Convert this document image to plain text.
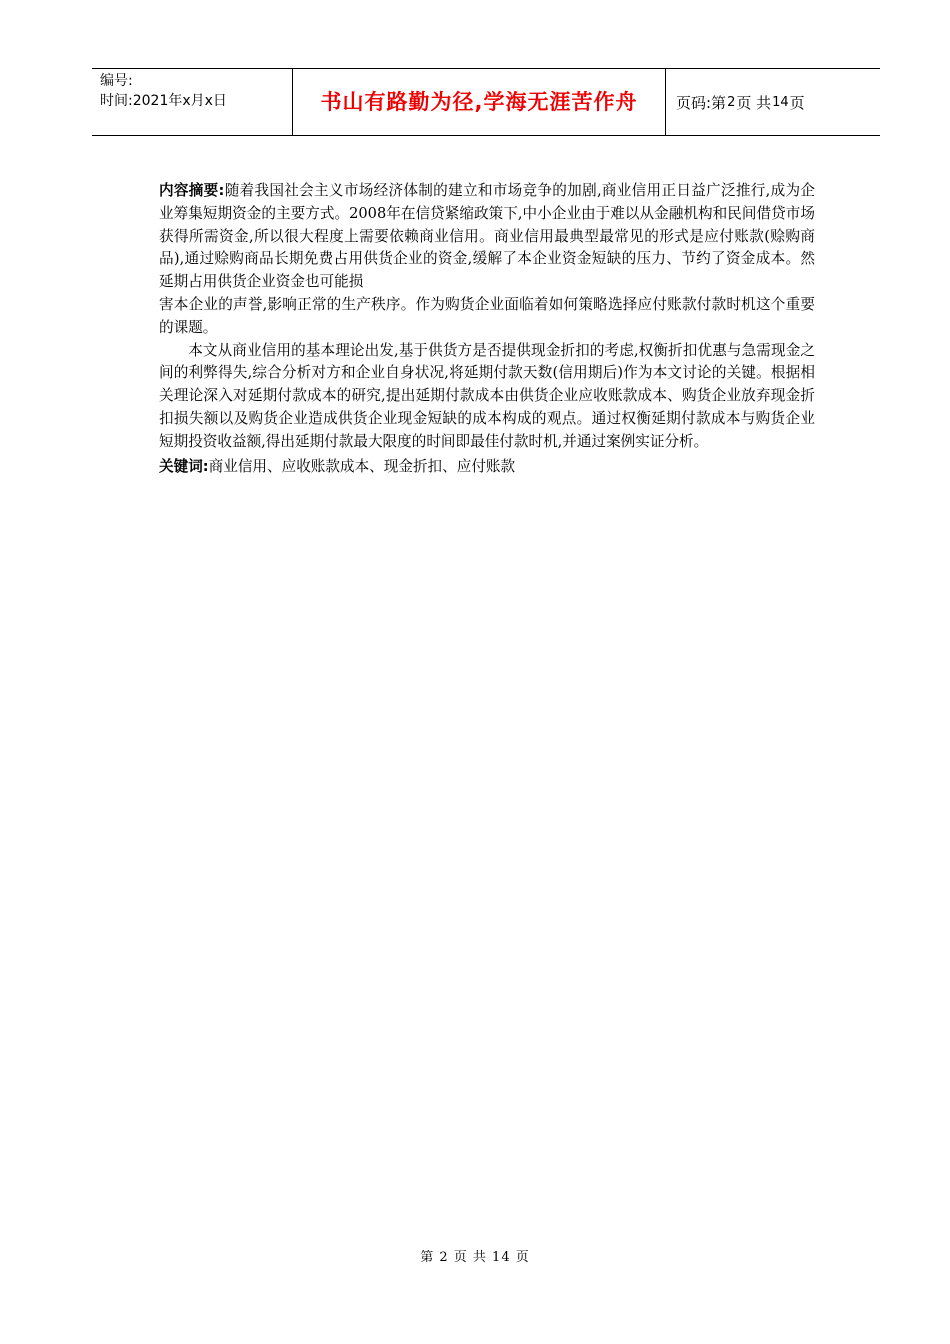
编号:
时间:2021年x月x日	书山有路勤为径,学海无涯苦作舟	页码:第 2 页 共 14 页

内容摘要:随着我国社会主义市场经济体制的建立和市场竞争的加剧,商业信用正日益广泛推行,成为企业筹集短期资金的主要方式。2008年在信贷紧缩政策下,中小企业由于难以从金融机构和民间借贷市场获得所需资金,所以很大程度上需要依赖商业信用。商业信用最典型最常见的形式是应付账款(赊购商品),通过赊购商品长期免费占用供货企业的资金,缓解了本企业资金短缺的压力、节约了资金成本。然延期占用供货企业资金也可能损

害本企业的声誉,影响正常的生产秩序。作为购货企业面临着如何策略选择应付账款付款时机这个重要的课题。

本文从商业信用的基本理论出发,基于供货方是否提供现金折扣的考虑,权衡折扣优惠与急需现金之间的利弊得失,综合分析对方和企业自身状况,将延期付款天数(信用期后)作为本文讨论的关键。根据相关理论深入对延期付款成本的研究,提出延期付款成本由供货企业应收账款成本、购货企业放弃现金折扣损失额以及购货企业造成供货企业现金短缺的成本构成的观点。通过权衡延期付款成本与购货企业短期投资收益额,得出延期付款最大限度的时间即最佳付款时机,并通过案例实证分析。

关键词:商业信用、应收账款成本、现金折扣、应付账款

第 2 页 共 14 页
